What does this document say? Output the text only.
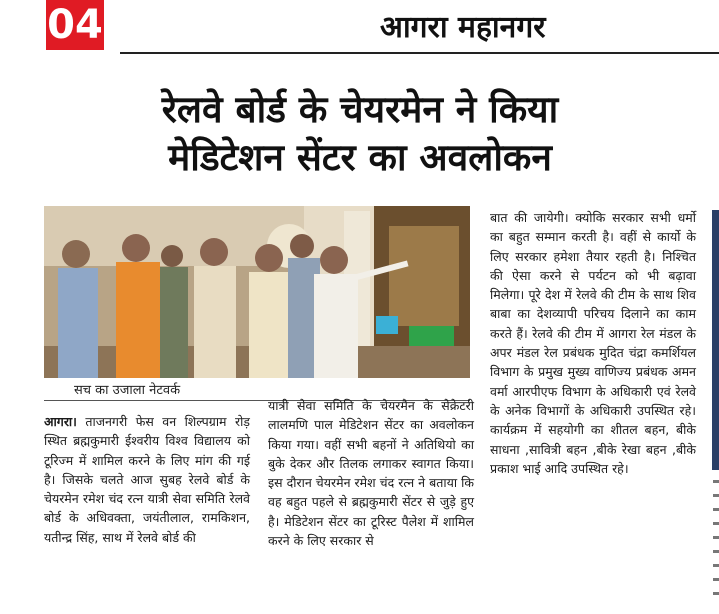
04	आगरा महानगर
रेलवे बोर्ड के चेयरमेन ने किया
मेडिटेशन सेंटर का अवलोकन
सच का उजाला नेटवर्क
आगरा। ताजनगरी फेस वन शिल्पग्राम रोड़ स्थित ब्रह्मकुमारी ईश्वरीय विश्व विद्यालय को टूरिज्म में शामिल करने के लिए मांग की गई है। जिसके चलते आज सुबह रेलवे बोर्ड के चेयरमेन रमेश चंद रत्न यात्री सेवा समिति रेलवे बोर्ड के अधिवक्ता, जयंतीलाल, रामकिशन, यतीन्द्र सिंह, साथ में रेलवे बोर्ड की
यात्री सेवा समिति के चेयरमैन के सेक्रेटरी लालमणि पाल मेडिटेशन सेंटर का अवलोकन किया गया। वहीं सभी बहनों ने अतिथियो का बुके देकर और तिलक लगाकर स्वागत किया। इस दौरान चेयरमेन रमेश चंद रत्न ने बताया कि वह बहुत पहले से ब्रह्मकुमारी सेंटर से जुड़े हुए है। मेडिटेशन सेंटर का टूरिस्ट पैलेश में शामिल करने के लिए सरकार से
बात की जायेगी। क्योकि सरकार सभी धर्मो का बहुत सम्मान करती है। वहीं से कार्यो के लिए सरकार हमेशा तैयार रहती है। निश्चित की ऐसा करने से पर्यटन को भी बढ़ावा मिलेगा। पूरे देश में रेलवे की टीम के साथ शिव बाबा का देशव्यापी परिचय दिलाने का काम करते हैं। रेलवे की टीम में आगरा रेल मंडल के अपर मंडल रेल प्रबंधक मुदित चंद्रा कमर्शियल विभाग के प्रमुख मुख्य वाणिज्य प्रबंधक अमन वर्मा आरपीएफ विभाग के अधिकारी एवं रेलवे के अनेक विभागों के अधिकारी उपस्थित रहे। कार्यक्रम में सहयोगी का शीतल बहन, बीके साधना ,सावित्री बहन ,बीके रेखा बहन ,बीके प्रकाश भाई आदि उपस्थित रहे।
